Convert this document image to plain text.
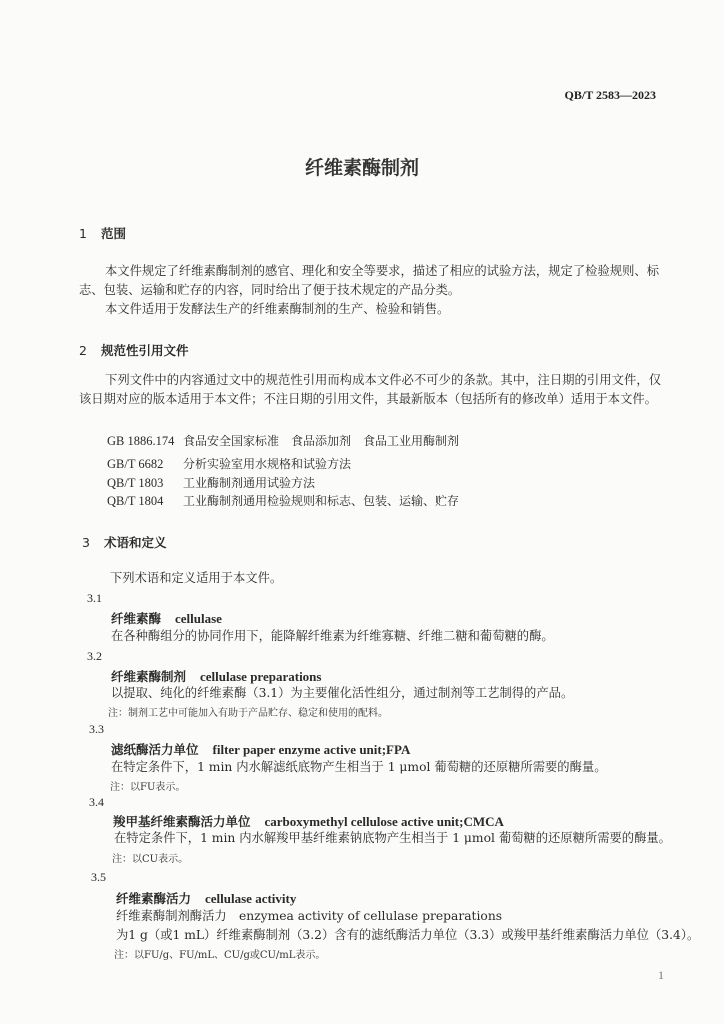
QB/T 2583—2023
纤维素酶制剂
1 范围
本文件规定了纤维素酶制剂的感官、理化和安全等要求，描述了相应的试验方法，规定了检验规则、标志、包装、运输和贮存的内容，同时给出了便于技术规定的产品分类。
本文件适用于发酵法生产的纤维素酶制剂的生产、检验和销售。
2 规范性引用文件
下列文件中的内容通过文中的规范性引用而构成本文件必不可少的条款。其中，注日期的引用文件，仅该日期对应的版本适用于本文件；不注日期的引用文件，其最新版本（包括所有的修改单）适用于本文件。
GB 1886.174 食品安全国家标准　食品添加剂　食品工业用酶制剂
GB/T 6682 分析实验室用水规格和试验方法
QB/T 1803 工业酶制剂通用试验方法
QB/T 1804 工业酶制剂通用检验规则和标志、包装、运输、贮存
3 术语和定义
下列术语和定义适用于本文件。
3.1
纤维素酶 cellulase
在各种酶组分的协同作用下，能降解纤维素为纤维寡糖、纤维二糖和葡萄糖的酶。
3.2
纤维素酶制剂 cellulase preparations
以提取、纯化的纤维素酶（3.1）为主要催化活性组分，通过制剂等工艺制得的产品。
注：制剂工艺中可能加入有助于产品贮存、稳定和使用的配料。
3.3
滤纸酶活力单位 filter paper enzyme active unit;FPA
在特定条件下，1 min 内水解滤纸底物产生相当于 1 μmol 葡萄糖的还原糖所需要的酶量。
注：以FU表示。
3.4
羧甲基纤维素酶活力单位 carboxymethyl cellulose active unit;CMCA
在特定条件下，1 min 内水解羧甲基纤维素钠底物产生相当于 1 μmol 葡萄糖的还原糖所需要的酶量。
注：以CU表示。
3.5
纤维素酶活力 cellulase activity
纤维素酶制剂酶活力　enzymea activity of cellulase preparations
为1 g（或1 mL）纤维素酶制剂（3.2）含有的滤纸酶活力单位（3.3）或羧甲基纤维素酶活力单位（3.4）。
注：以FU/g、FU/mL、CU/g或CU/mL表示。
1
